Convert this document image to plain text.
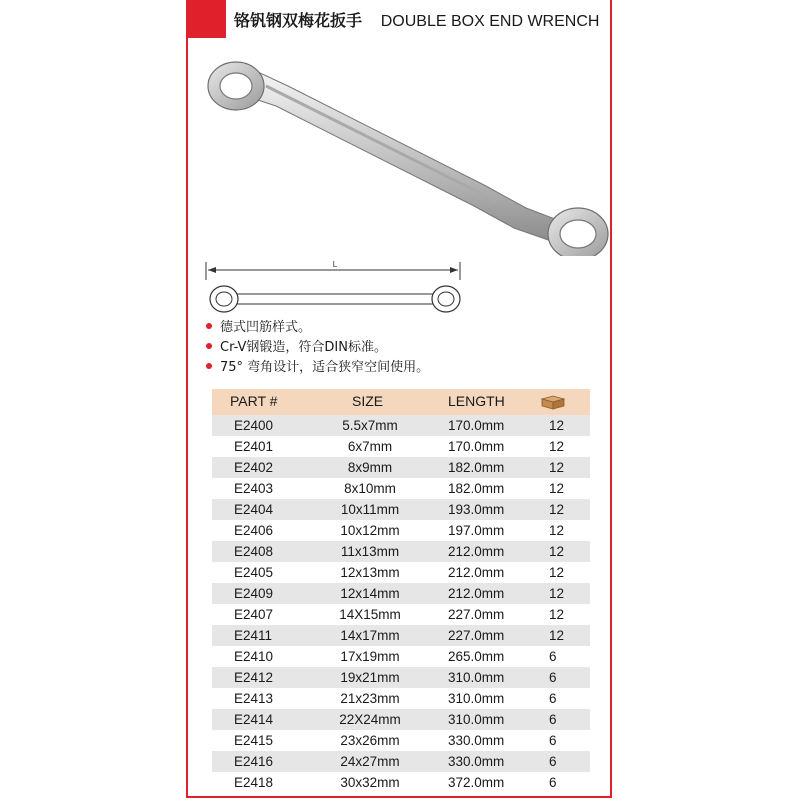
铬钒钢双梅花扳手 DOUBLE BOX END WRENCH
L
德式凹筋样式。
Cr-V钢锻造，符合DIN标准。
75° 弯角设计，适合狭窄空间使用。
PART #	SIZE	LENGTH
E2400	5.5x7mm	170.0mm	12
E2401	6x7mm	170.0mm	12
E2402	8x9mm	182.0mm	12
E2403	8x10mm	182.0mm	12
E2404	10x11mm	193.0mm	12
E2406	10x12mm	197.0mm	12
E2408	11x13mm	212.0mm	12
E2405	12x13mm	212.0mm	12
E2409	12x14mm	212.0mm	12
E2407	14X15mm	227.0mm	12
E2411	14x17mm	227.0mm	12
E2410	17x19mm	265.0mm	6
E2412	19x21mm	310.0mm	6
E2413	21x23mm	310.0mm	6
E2414	22X24mm	310.0mm	6
E2415	23x26mm	330.0mm	6
E2416	24x27mm	330.0mm	6
E2418	30x32mm	372.0mm	6
